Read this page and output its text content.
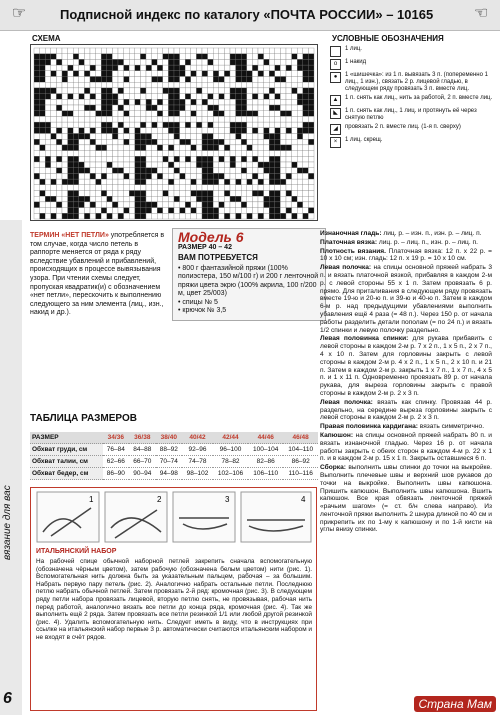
☞	Подписной индекс по каталогу «ПОЧТА РОССИИ» – 10165	☜
СХЕМА	УСЛОВНЫЕ ОБОЗНАЧЕНИЯ
1 лиц.
о	1 накид
●	1 «шишечка»: из 1 п. вывязать 3 п. (попеременно 1 лиц., 1 изн.), связать 2 р. лицевой гладью, в следующем ряду провязать 3 п. вместе лиц.
▲	1 п. снять как лиц., нить за работой, 2 п. вместе лиц.
◣	1 п. снять как лиц., 1 лиц. и протянуть её через снятую петлю
◢	провязать 2 п. вместе лиц. (1-я п. сверху)
×	1 лиц. скрещ.
вязание для вас
6
ТЕРМИН «НЕТ ПЕТЛИ» употребляется в том случае, когда число петель в раппорте меняется от ряда к ряду вследствие убавлений и прибавлений, происходящих в процессе вывязывания узора. При чтении схемы следует, пропуская квадратик(и) с обозначением «нет петли», перескочить к выполнению следующего за ним элемента (лиц., изн., накид и др.).
Модель 6
РАЗМЕР 40 – 42
ВАМ ПОТРЕБУЕТСЯ
• 800 г фантазийной пряжи (100% полиэстера, 150 м/100 г) и 200 г ленточной пряжи цвета экрю (100% акрила, 100 г/200 м, цвет 25/003)
• спицы № 5
• крючок № 3,5
Изнаночная гладь: лиц. р. – изн. п., изн. р. – лиц. п.
Платочная вязка: лиц. р. – лиц. п., изн. р. – лиц. п.
Плотность вязания. Платочная вязка: 12 п. x 22 р. = 10 x 10 см; изн. гладь: 12 п. x 19 р. = 10 x 10 см.
Левая полочка: на спицы основной пряжей набрать 3 п. и вязать платочной вязкой, прибавляя в каждом 2-м р. с левой стороны 55 x 1 п. Затем провязать 6 р. прямо. Для приталивания в следующем ряду провязать вместе 19-ю и 20-ю п. и 39-ю и 40-ю п. Затем в каждом 6-м р. над предыдущими убавлениями выполнить убавления ещё 4 раза (= 48 п.). Через 150 р. от начала работы разделить детали пополам (= по 24 п.) и вязать 1/2 спинки и левую полочку раздельно.
Левая половинка спинки: для рукава прибавить с левой стороны в каждом 2-м р. 7 x 2 п., 1 x 5 п., 2 x 7 п., 4 x 10 п. Затем для горловины закрыть с левой стороны в каждом 2-м р. 4 x 2 п., 1 x 5 п., 2 x 10 п. и 21 п. Затем в каждом 2-м р. закрыть 1 x 7 п., 1 x 7 п., 4 x 5 п. и 1 x 11 п. Одновременно провязать 89 р. от начала рукава, для выреза горловины закрыть с правой стороны в каждом 2-м р. 2 x 3 п.
Левая полочка: вязать как спинку. Провязав 44 р. раздельно, на середине выреза горловины закрыть с левой стороны в каждом 2-м р. 2 x 3 п.
Правая половинка кардигана: вязать симметрично.
Капюшон: на спицы основной пряжей набрать 80 п. и вязать изнаночной гладью. Через 16 р. от начала работы закрыть с обеих сторон в каждом 4-м р. 22 x 1 п. и в каждом 2-м р. 15 x 1 п. Закрыть оставшиеся 6 п.
Сборка: выполнить швы спинки до точки на выкройке. Выполнить плечевые швы и верхний шов рукавов до точки на выкройке. Выполнить швы капюшона. Пришить капюшон. Выполнить швы капюшона. Вшить капюшон. Все края обвязать ленточной пряжей «рачьим шагом» (= ст. б/н слева направо). Из ленточной пряжи выполнить 2 шнура длиной по 40 см и прикрепить их по 1-му к капюшону и по 1-й кисти на углы внизу спинки.
ТАБЛИЦА РАЗМЕРОВ
РАЗМЕР	34/36	36/38	38/40	40/42	42/44	44/46	46/48
Обхват груди, см	76–84	84–88	88–92	92–96	96–100	100–104	104–110
Обхват талии, см	62–66	66–70	70–74	74–78	78–82	82–86	86–92
Обхват бедер, см	86–90	90–94	94–98	98–102	102–106	106–110	110–116
1	2	3	4
ИТАЛЬЯНСКИЙ НАБОР
На рабочей спице обычной наборной петлей закрепить сначала вспомогательную (обозначена чёрным цветом), затем рабочую (обозначена белым цветом) нити (рис. 1). Вспомогательная нить должна быть за указательным пальцем, рабочая – за большим. Набрать первую пару петель (рис. 2). Аналогично набрать остальные петли. Последнюю петлю набрать обычной петлей. Затем провязать 2-й ряд: кромочная (рис. 3). В следующем ряду петли набора провязать лицевой, вторую петлю снять, не провязывая, рабочая нить перед работой, аналогично вязать все петли до конца ряда, кромочная (рис. 4). Так же выполнить ещё 2 ряда. Затем провязать все петли резинкой 1/1 или любой другой резинкой (рис. 4). Удалить вспомогательную нить. Следует иметь в виду, что в инструкциях при ссылке на итальянский набор первые 3 р. автоматически считаются итальянским набором и не входят в счёт рядов.
Страна Мам
